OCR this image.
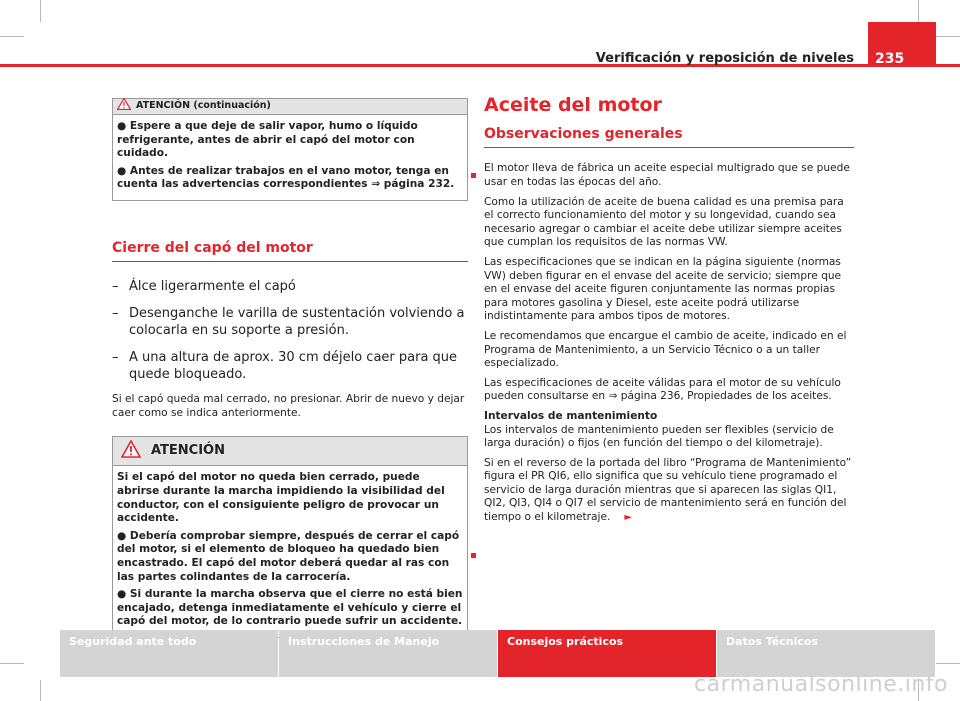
Verificación y reposición de niveles	235
ATENCIÓN (continuación)

● Espere a que deje de salir vapor, humo o líquido refrigerante, antes de abrir el capó del motor con cuidado.

● Antes de realizar trabajos en el vano motor, tenga en cuenta las advertencias correspondientes ⇒ página 232.

Cierre del capó del motor
– Álce ligerarmente el capó
– Desenganche le varilla de sustentación volviendo a colocarla en su soporte a presión.
– A una altura de aprox. 30 cm déjelo caer para que quede bloqueado.

Si el capó queda mal cerrado, no presionar. Abrir de nuevo y dejar caer como se indica anteriormente.

ATENCIÓN

Si el capó del motor no queda bien cerrado, puede abrirse durante la marcha impidiendo la visibilidad del conductor, con el consiguiente peligro de provocar un accidente.

● Debería comprobar siempre, después de cerrar el capó del motor, si el elemento de bloqueo ha quedado bien encastrado. El capó del motor deberá quedar al ras con las partes colindantes de la carrocería.

● Si durante la marcha observa que el cierre no está bien encajado, detenga inmediatamente el vehículo y cierre el capó del motor, de lo contrario puede sufrir un accidente.

Aceite del motor
Observaciones generales

El motor lleva de fábrica un aceite especial multigrado que se puede usar en todas las épocas del año.

Como la utilización de aceite de buena calidad es una premisa para el correcto funcionamiento del motor y su longevidad, cuando sea necesario agregar o cambiar el aceite debe utilizar siempre aceites que cumplan los requisitos de las normas VW.

Las especificaciones que se indican en la página siguiente (normas VW) deben figurar en el envase del aceite de servicio; siempre que en el envase del aceite figuren conjuntamente las normas propias para motores gasolina y Diesel, este aceite podrá utilizarse indistintamente para ambos tipos de motores.

Le recomendamos que encargue el cambio de aceite, indicado en el Programa de Mantenimiento, a un Servicio Técnico o a un taller especializado.

Las especificaciones de aceite válidas para el motor de su vehículo pueden consultarse en ⇒ página 236, Propiedades de los aceites.

Intervalos de mantenimiento

Los intervalos de mantenimiento pueden ser flexibles (servicio de larga duración) o fijos (en función del tiempo o del kilometraje).

Si en el reverso de la portada del libro “Programa de Mantenimiento” figura el PR QI6, ello significa que su vehículo tiene programado el servicio de larga duración mientras que si aparecen las siglas QI1, QI2, QI3, QI4 o QI7 el servicio de mantenimiento será en función del tiempo o el kilometraje. ►

Seguridad ante todo	Instrucciones de Manejo	Consejos prácticos	Datos Técnicos
carmanualsonline.info
